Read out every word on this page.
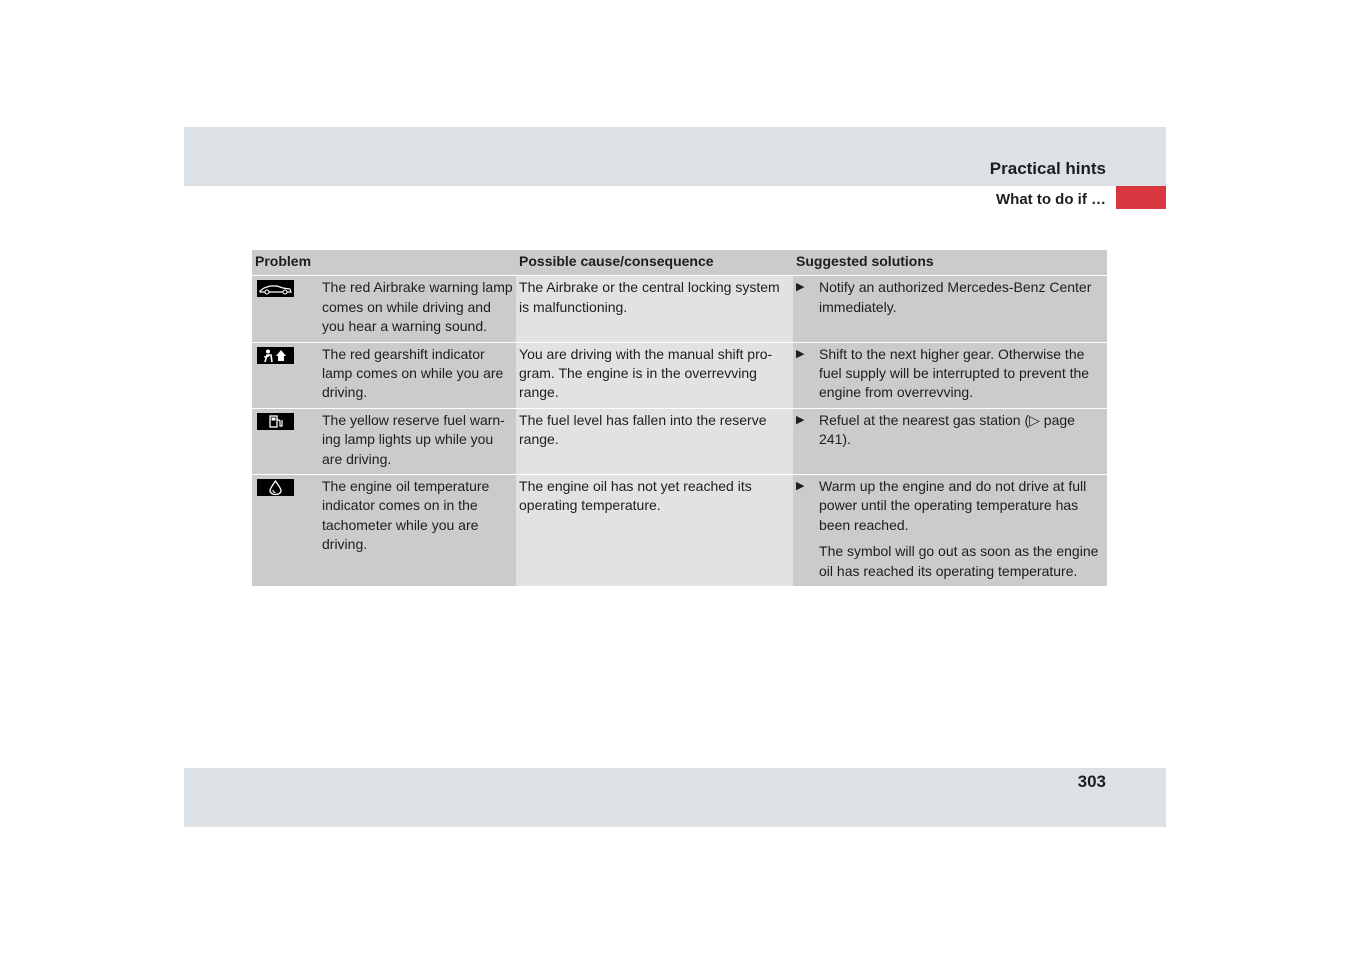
Practical hints
What to do if …
Problem		Possible cause/consequence	Suggested solutions

	The red Airbrake warning lamp comes on while driving and you hear a warning sound.	The Airbrake or the central locking system is malfunctioning.	▶ Notify an authorized Mercedes-Benz Center immediately.

	The red gearshift indicator lamp comes on while you are driving.	You are driving with the manual shift pro-gram. The engine is in the overrevving range.	▶ Shift to the next higher gear. Otherwise the fuel supply will be interrupted to prevent the engine from overrevving.

	The yellow reserve fuel warn-ing lamp lights up while you are driving.	The fuel level has fallen into the reserve range.	▶ Refuel at the nearest gas station (▷ page 241).

	The engine oil temperature indicator comes on in the tachometer while you are driving.	The engine oil has not yet reached its operating temperature.	▶ Warm up the engine and do not drive at full power until the operating temperature has been reached.
The symbol will go out as soon as the engine oil has reached its operating temperature.
303
